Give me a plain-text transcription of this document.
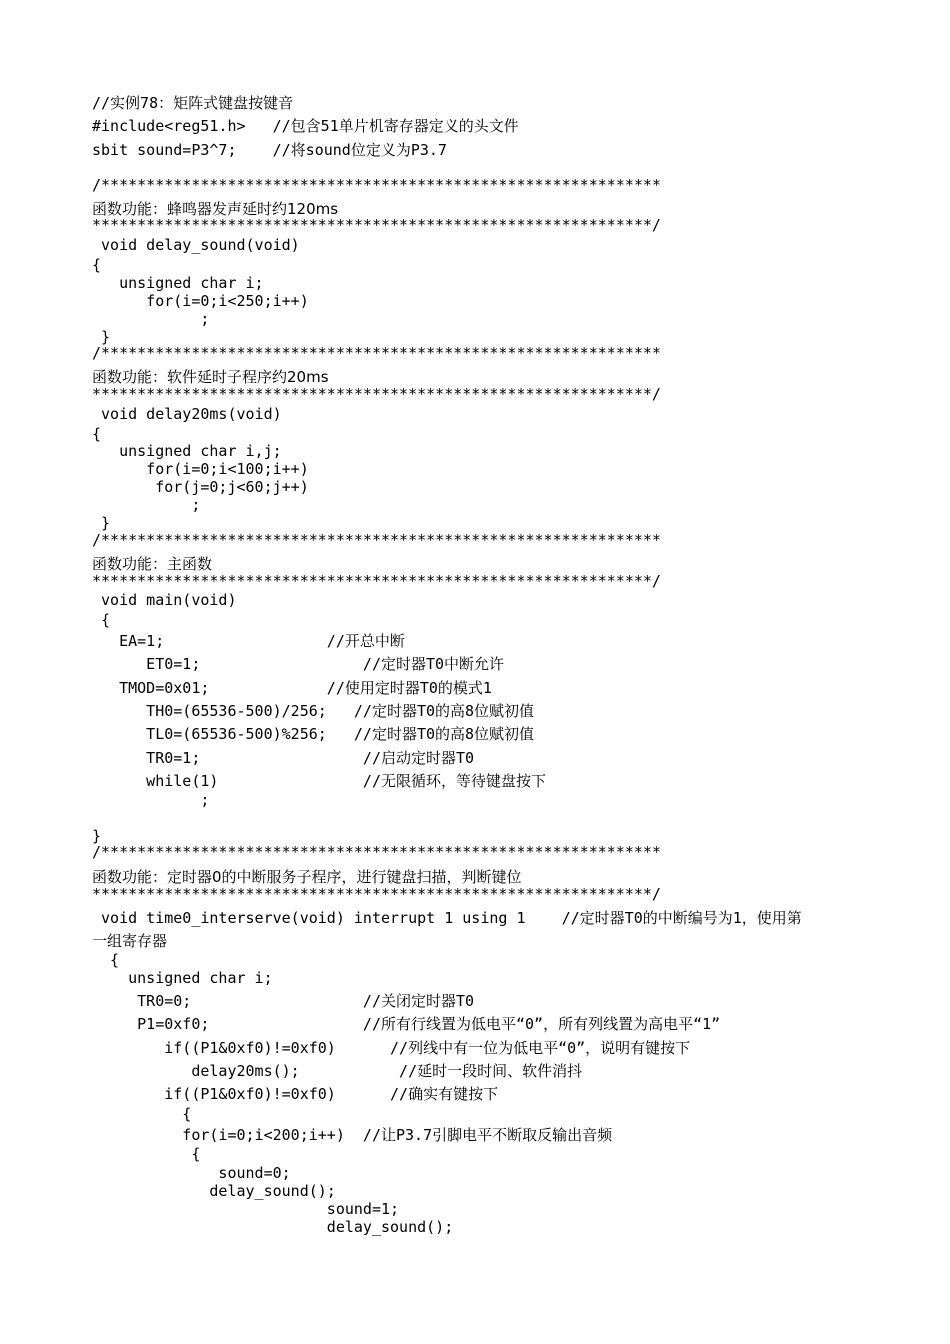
//实例78：矩阵式键盘按键音
#include<reg51.h>   //包含51单片机寄存器定义的头文件
sbit sound=P3^7;    //将sound位定义为P3.7
/**************************************************************
函数功能：蜂鸣器发声延时约120ms
**************************************************************/
void delay_sound(void)
{
unsigned char i;
for(i=0;i<250;i++)
;
}
/**************************************************************
函数功能：软件延时子程序约20ms
**************************************************************/
void delay20ms(void)
{
unsigned char i,j;
for(i=0;i<100;i++)
for(j=0;j<60;j++)
;
}
/**************************************************************
函数功能：主函数
**************************************************************/
void main(void)
{
EA=1;                  //开总中断
ET0=1;                  //定时器T0中断允许
TMOD=0x01;             //使用定时器T0的模式1
TH0=(65536-500)/256;   //定时器T0的高8位赋初值
TL0=(65536-500)%256;   //定时器T0的高8位赋初值
TR0=1;                  //启动定时器T0
while(1)                //无限循环，等待键盘按下
;
}
/**************************************************************
函数功能：定时器0的中断服务子程序，进行键盘扫描，判断键位
**************************************************************/
void time0_interserve(void) interrupt 1 using 1    //定时器T0的中断编号为1，使用第
一组寄存器
{
unsigned char i;
TR0=0;                   //关闭定时器T0
P1=0xf0;                 //所有行线置为低电平“0”，所有列线置为高电平“1”
if((P1&0xf0)!=0xf0)      //列线中有一位为低电平“0”，说明有键按下
delay20ms();           //延时一段时间、软件消抖
if((P1&0xf0)!=0xf0)      //确实有键按下
{
for(i=0;i<200;i++)  //让P3.7引脚电平不断取反输出音频
{
sound=0;
delay_sound();
sound=1;
delay_sound();
